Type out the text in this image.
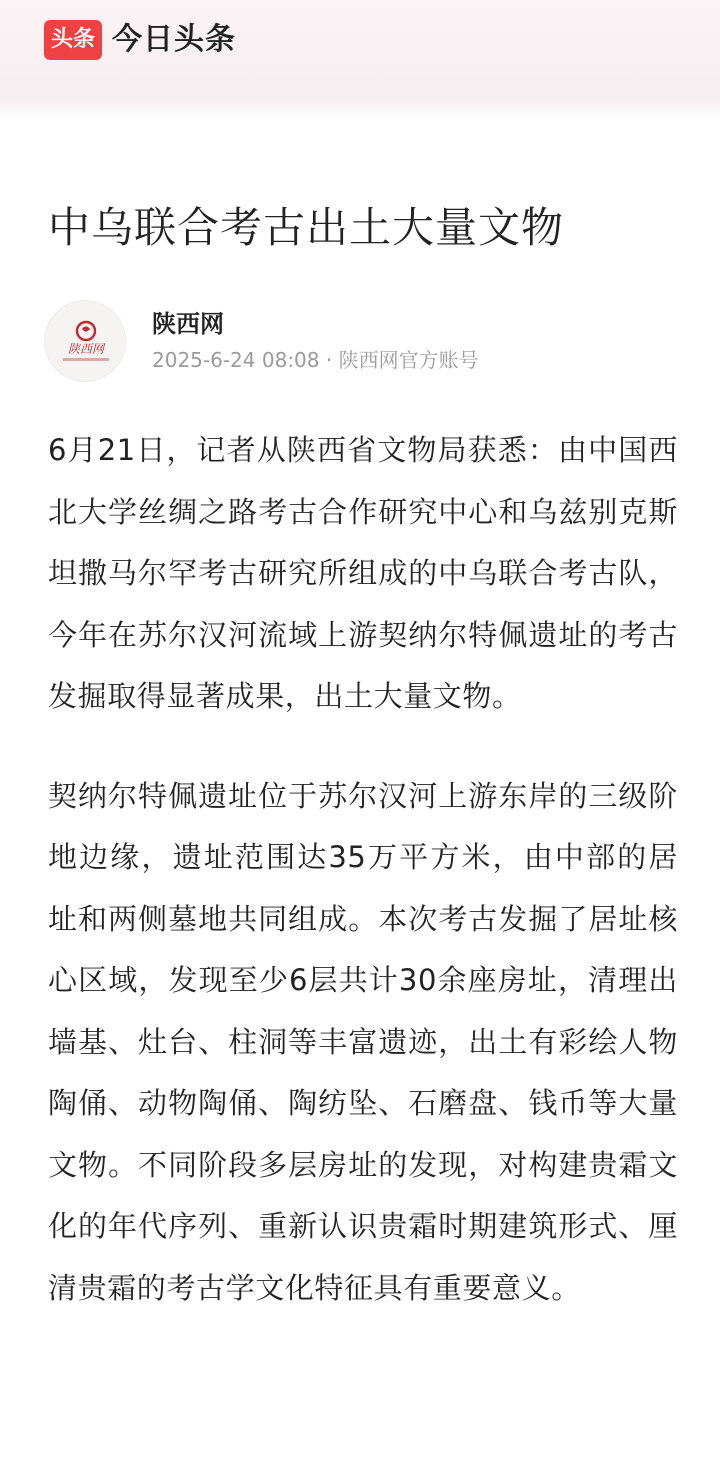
头条 今日头条
中乌联合考古出土大量文物
陕西网
陕西网
2025-6-24 08:08 · 陕西网官方账号

6月21日，记者从陕西省文物局获悉：由中国西北大学丝绸之路考古合作研究中心和乌兹别克斯坦撒马尔罕考古研究所组成的中乌联合考古队，今年在苏尔汉河流域上游契纳尔特佩遗址的考古发掘取得显著成果，出土大量文物。

契纳尔特佩遗址位于苏尔汉河上游东岸的三级阶地边缘，遗址范围达35万平方米，由中部的居址和两侧墓地共同组成。本次考古发掘了居址核心区域，发现至少6层共计30余座房址，清理出墙基、灶台、柱洞等丰富遗迹，出土有彩绘人物陶俑、动物陶俑、陶纺坠、石磨盘、钱币等大量文物。不同阶段多层房址的发现，对构建贵霜文化的年代序列、重新认识贵霜时期建筑形式、厘清贵霜的考古学文化特征具有重要意义。
